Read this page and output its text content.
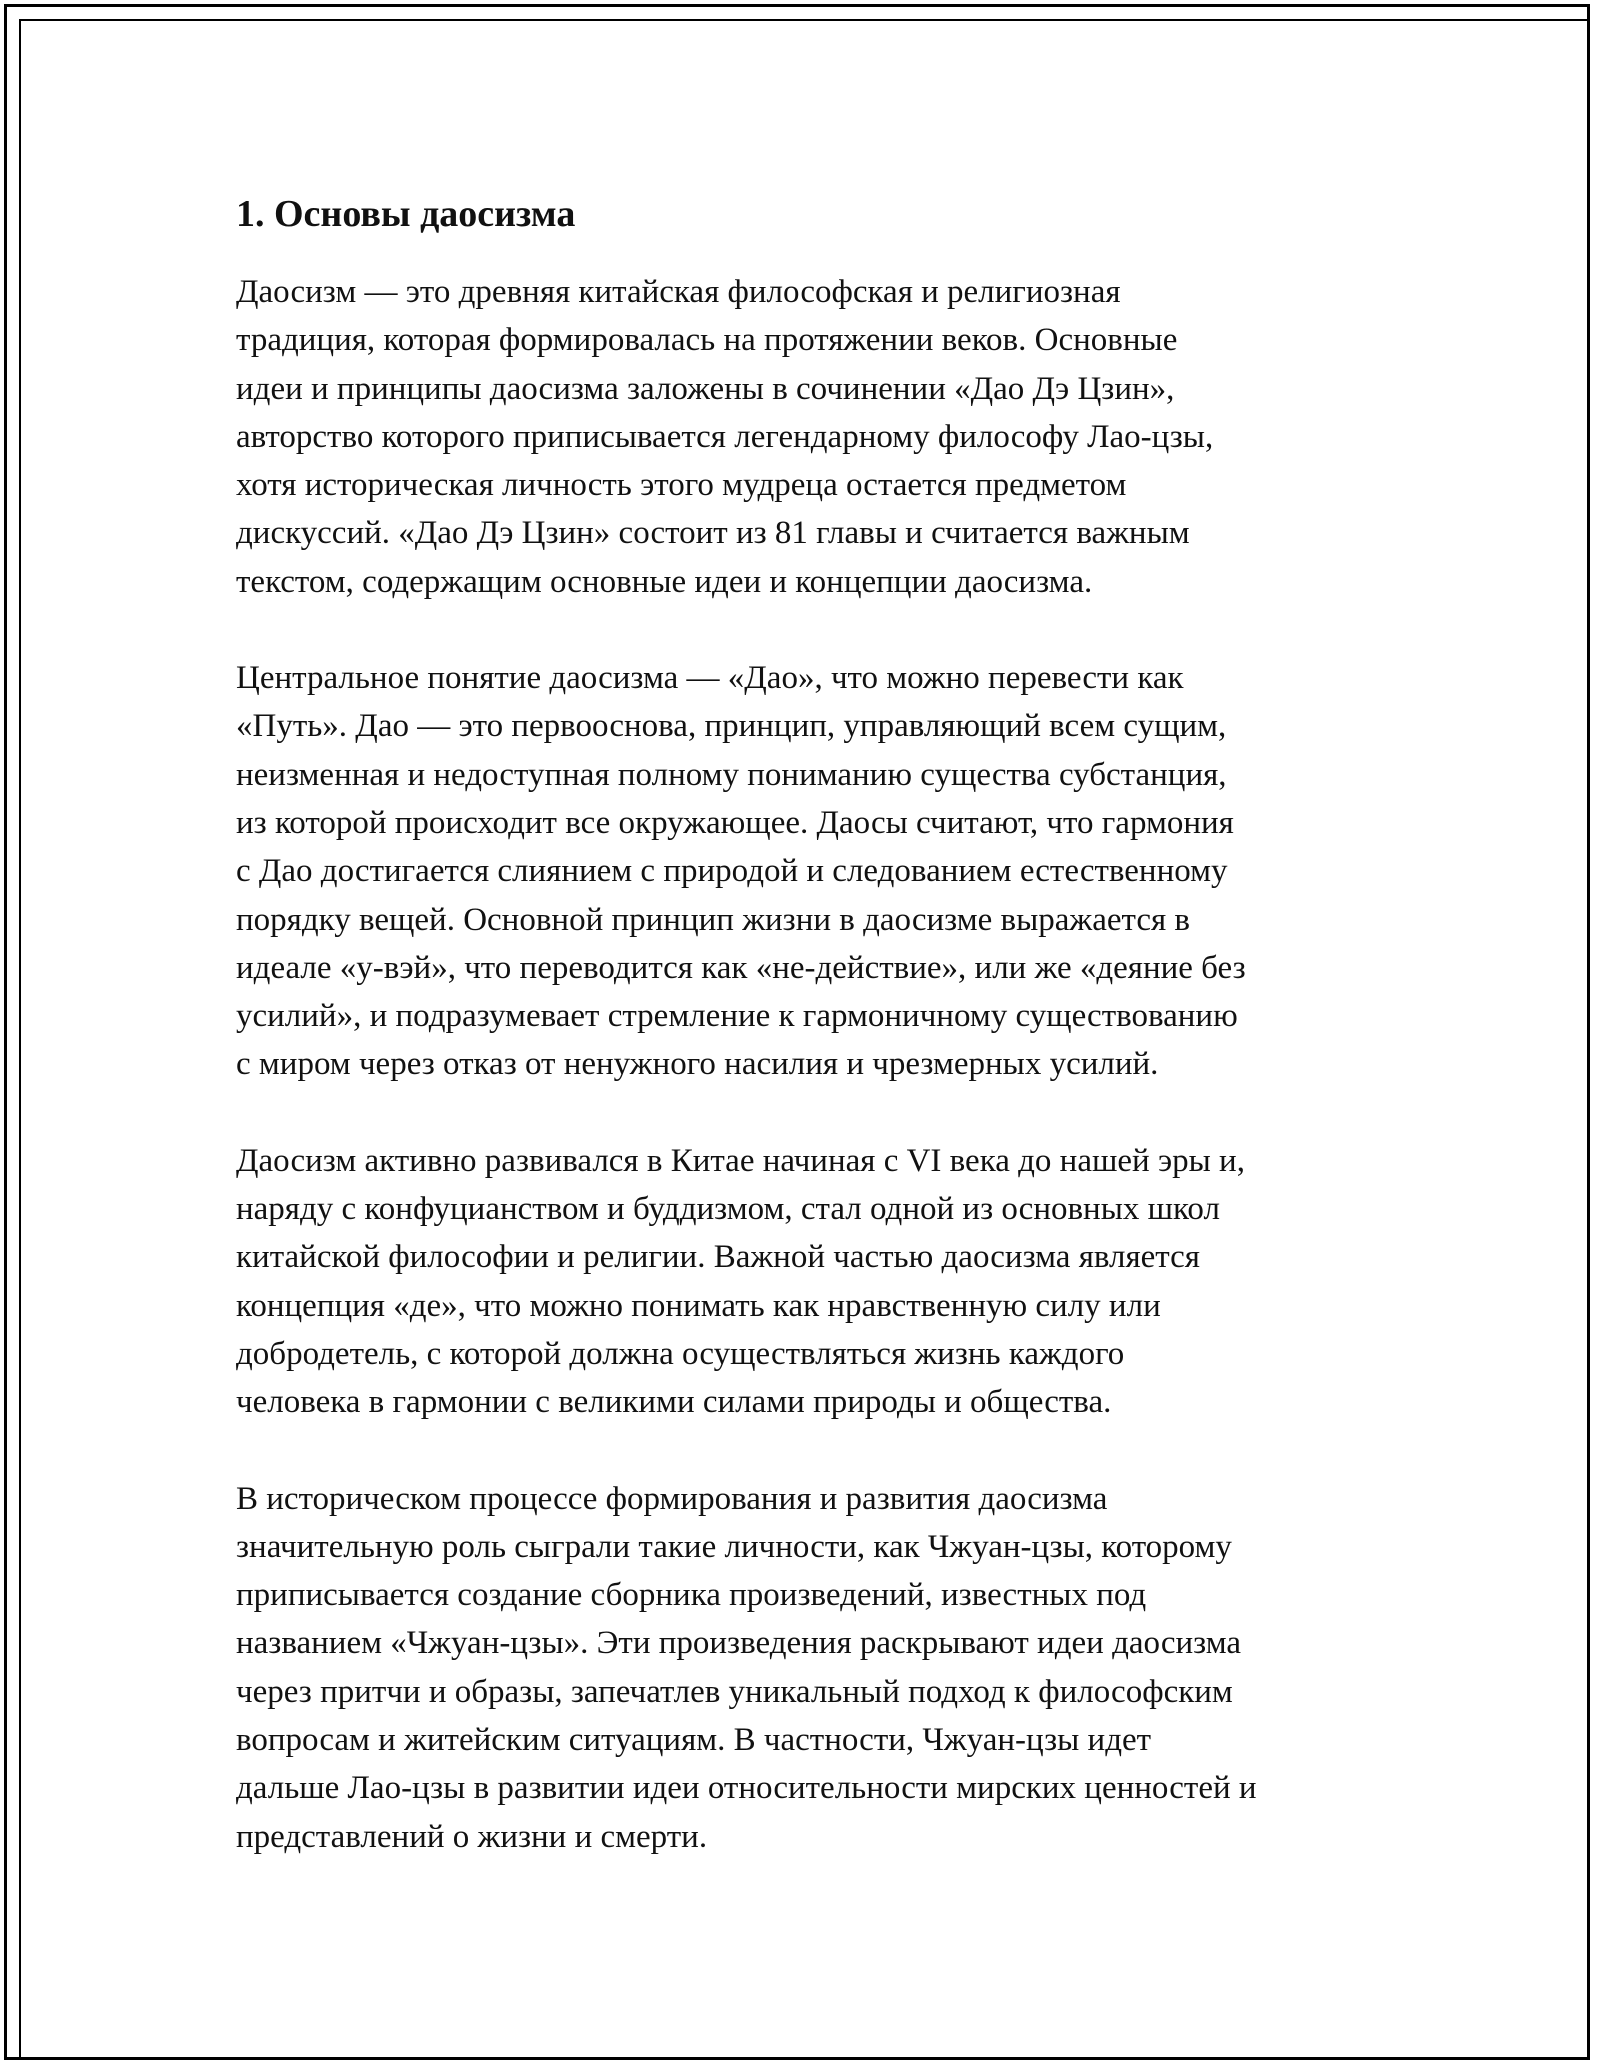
1. Основы даосизма

Даосизм — это древняя китайская философская и религиозная
традиция, которая формировалась на протяжении веков. Основные
идеи и принципы даосизма заложены в сочинении «Дао Дэ Цзин»,
авторство которого приписывается легендарному философу Лао-цзы,
хотя историческая личность этого мудреца остается предметом
дискуссий. «Дао Дэ Цзин» состоит из 81 главы и считается важным
текстом, содержащим основные идеи и концепции даосизма.

Центральное понятие даосизма — «Дао», что можно перевести как
«Путь». Дао — это первооснова, принцип, управляющий всем сущим,
неизменная и недоступная полному пониманию существа субстанция,
из которой происходит все окружающее. Даосы считают, что гармония
с Дао достигается слиянием с природой и следованием естественному
порядку вещей. Основной принцип жизни в даосизме выражается в
идеале «у-вэй», что переводится как «не-действие», или же «деяние без
усилий», и подразумевает стремление к гармоничному существованию
с миром через отказ от ненужного насилия и чрезмерных усилий.

Даосизм активно развивался в Китае начиная с VI века до нашей эры и,
наряду с конфуцианством и буддизмом, стал одной из основных школ
китайской философии и религии. Важной частью даосизма является
концепция «де», что можно понимать как нравственную силу или
добродетель, с которой должна осуществляться жизнь каждого
человека в гармонии с великими силами природы и общества.

В историческом процессе формирования и развития даосизма
значительную роль сыграли такие личности, как Чжуан-цзы, которому
приписывается создание сборника произведений, известных под
названием «Чжуан-цзы». Эти произведения раскрывают идеи даосизма
через притчи и образы, запечатлев уникальный подход к философским
вопросам и житейским ситуациям. В частности, Чжуан-цзы идет
дальше Лао-цзы в развитии идеи относительности мирских ценностей и
представлений о жизни и смерти.
